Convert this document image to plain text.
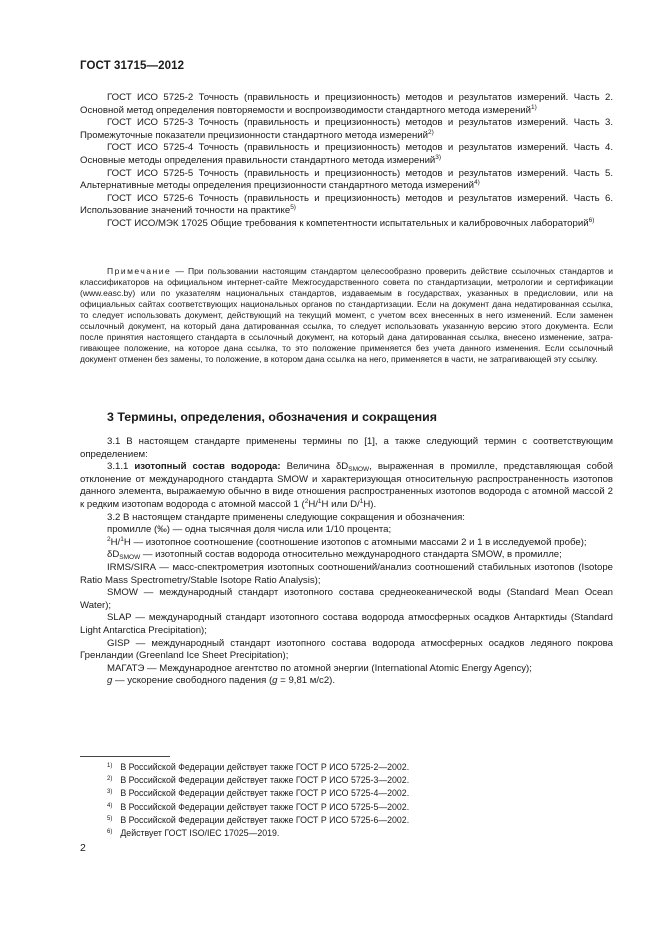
ГОСТ 31715—2012

ГОСТ ИСО 5725-2 Точность (правильность и прецизионность) методов и результатов измерений. Часть 2. Основной метод определения повторяемости и воспроизводимости стандартного метода измерений$^{1)}$

ГОСТ ИСО 5725-3 Точность (правильность и прецизионность) методов и результатов измерений. Часть 3. Промежуточные показатели прецизионности стандартного метода измерений$^{2)}$

ГОСТ ИСО 5725-4 Точность (правильность и прецизионность) методов и результатов измерений. Часть 4. Основные методы определения правильности стандартного метода измерений$^{3)}$

ГОСТ ИСО 5725-5 Точность (правильность и прецизионность) методов и результатов измерений. Часть 5. Альтернативные методы определения прецизионности стандартного метода измерений$^{4)}$

ГОСТ ИСО 5725-6 Точность (правильность и прецизионность) методов и результатов измерений. Часть 6. Использование значений точности на практике$^{5)}$

ГОСТ ИСО/МЭК 17025 Общие требования к компетентности испытательных и калибровочных лабораторий$^{6)}$

Примечание — При пользовании настоящим стандартом целесообразно проверить действие ссылочных стандартов и классификаторов на официальном интернет-сайте Межгосударственного совета по стандартизации, метрологии и сертификации (www.easc.by) или по указателям национальных стандартов, издаваемым в государствах, указанных в предисловии, или на официальных сайтах соответствующих национальных органов по стандартизации. Если на документ дана недатированная ссылка, то следует использовать документ, действующий на текущий момент, с учетом всех внесенных в него изменений. Если заменен ссылочный документ, на который дана датированная ссылка, то следует использовать указанную версию этого документа. Если после принятия настоящего стандарта в ссылочный документ, на который дана датированная ссылка, внесено изменение, затрагивающее положение, на которое дана ссылка, то это положение применяется без учета данного изменения. Если ссылочный документ отменен без замены, то положение, в котором дана ссылка на него, применяется в части, не затрагивающей эту ссылку.

3 Термины, определения, обозначения и сокращения

3.1 В настоящем стандарте применены термины по [1], а также следующий термин с соответствующим определением:

3.1.1 изотопный состав водорода: Величина $\delta D_{SMOW}$, выраженная в промилле, представляющая собой отклонение от международного стандарта SMOW и характеризующая относительную распространенность изотопов данного элемента, выражаемую обычно в виде отношения распространенных изотопов водорода с атомной массой 2 к редким изотопам водорода с атомной массой 1 ($^2$H/$^1$H или D/$^1$H).

3.2 В настоящем стандарте применены следующие сокращения и обозначения:

промилле (‰) — одна тысячная доля числа или 1/10 процента;

$^2$H/$^1$H — изотопное соотношение (соотношение изотопов с атомными массами 2 и 1 в исследуемой пробе);

$\delta D_{SMOW}$ — изотопный состав водорода относительно международного стандарта SMOW, в промилле;

IRMS/SIRA — масс-спектрометрия изотопных соотношений/анализ соотношений стабильных изотопов (Isotope Ratio Mass Spectrometry/Stable Isotope Ratio Analysis);

SMOW — международный стандарт изотопного состава среднеокеанической воды (Standard Mean Ocean Water);

SLAP — международный стандарт изотопного состава водорода атмосферных осадков Антарктиды (Standard Light Antarctica Precipitation);

GISP — международный стандарт изотопного состава водорода атмосферных осадков ледяного покрова Гренландии (Greenland Ice Sheet Precipitation);

МАГАТЭ — Международное агентство по атомной энергии (International Atomic Energy Agency);

g — ускорение свободного падения (g = 9,81 м/с2).

$^{1)}$ В Российской Федерации действует также ГОСТ Р ИСО 5725-2—2002.
$^{2)}$ В Российской Федерации действует также ГОСТ Р ИСО 5725-3—2002.
$^{3)}$ В Российской Федерации действует также ГОСТ Р ИСО 5725-4—2002.
$^{4)}$ В Российской Федерации действует также ГОСТ Р ИСО 5725-5—2002.
$^{5)}$ В Российской Федерации действует также ГОСТ Р ИСО 5725-6—2002.
$^{6)}$ Действует ГОСТ ISO/IEC 17025—2019.
2
